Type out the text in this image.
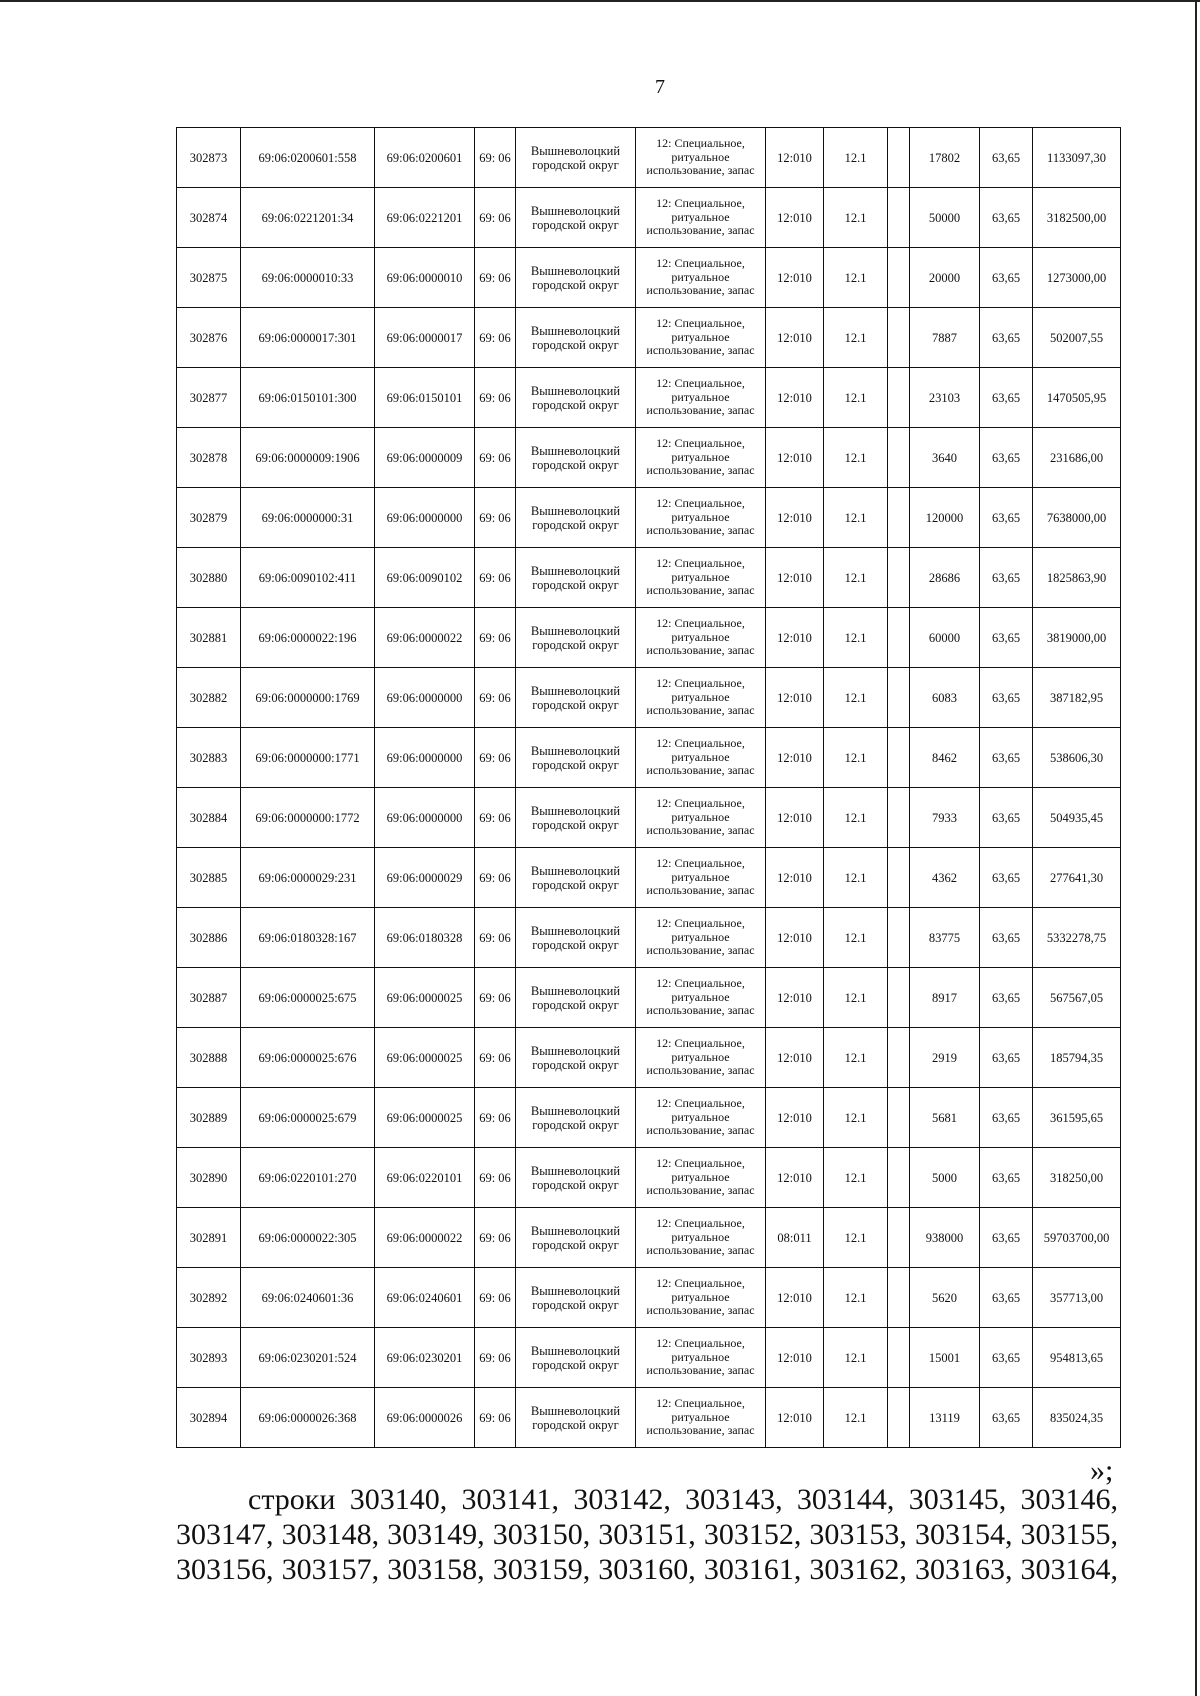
7
302873	69:06:0200601:558	69:06:0200601	69: 06	Вышневолоцкий городской округ	12: Специальное, ритуальное использование, запас	12:010	12.1		17802	63,65	1133097,30
302874	69:06:0221201:34	69:06:0221201	69: 06	Вышневолоцкий городской округ	12: Специальное, ритуальное использование, запас	12:010	12.1		50000	63,65	3182500,00
302875	69:06:0000010:33	69:06:0000010	69: 06	Вышневолоцкий городской округ	12: Специальное, ритуальное использование, запас	12:010	12.1		20000	63,65	1273000,00
302876	69:06:0000017:301	69:06:0000017	69: 06	Вышневолоцкий городской округ	12: Специальное, ритуальное использование, запас	12:010	12.1		7887	63,65	502007,55
302877	69:06:0150101:300	69:06:0150101	69: 06	Вышневолоцкий городской округ	12: Специальное, ритуальное использование, запас	12:010	12.1		23103	63,65	1470505,95
302878	69:06:0000009:1906	69:06:0000009	69: 06	Вышневолоцкий городской округ	12: Специальное, ритуальное использование, запас	12:010	12.1		3640	63,65	231686,00
302879	69:06:0000000:31	69:06:0000000	69: 06	Вышневолоцкий городской округ	12: Специальное, ритуальное использование, запас	12:010	12.1		120000	63,65	7638000,00
302880	69:06:0090102:411	69:06:0090102	69: 06	Вышневолоцкий городской округ	12: Специальное, ритуальное использование, запас	12:010	12.1		28686	63,65	1825863,90
302881	69:06:0000022:196	69:06:0000022	69: 06	Вышневолоцкий городской округ	12: Специальное, ритуальное использование, запас	12:010	12.1		60000	63,65	3819000,00
302882	69:06:0000000:1769	69:06:0000000	69: 06	Вышневолоцкий городской округ	12: Специальное, ритуальное использование, запас	12:010	12.1		6083	63,65	387182,95
302883	69:06:0000000:1771	69:06:0000000	69: 06	Вышневолоцкий городской округ	12: Специальное, ритуальное использование, запас	12:010	12.1		8462	63,65	538606,30
302884	69:06:0000000:1772	69:06:0000000	69: 06	Вышневолоцкий городской округ	12: Специальное, ритуальное использование, запас	12:010	12.1		7933	63,65	504935,45
302885	69:06:0000029:231	69:06:0000029	69: 06	Вышневолоцкий городской округ	12: Специальное, ритуальное использование, запас	12:010	12.1		4362	63,65	277641,30
302886	69:06:0180328:167	69:06:0180328	69: 06	Вышневолоцкий городской округ	12: Специальное, ритуальное использование, запас	12:010	12.1		83775	63,65	5332278,75
302887	69:06:0000025:675	69:06:0000025	69: 06	Вышневолоцкий городской округ	12: Специальное, ритуальное использование, запас	12:010	12.1		8917	63,65	567567,05
302888	69:06:0000025:676	69:06:0000025	69: 06	Вышневолоцкий городской округ	12: Специальное, ритуальное использование, запас	12:010	12.1		2919	63,65	185794,35
302889	69:06:0000025:679	69:06:0000025	69: 06	Вышневолоцкий городской округ	12: Специальное, ритуальное использование, запас	12:010	12.1		5681	63,65	361595,65
302890	69:06:0220101:270	69:06:0220101	69: 06	Вышневолоцкий городской округ	12: Специальное, ритуальное использование, запас	12:010	12.1		5000	63,65	318250,00
302891	69:06:0000022:305	69:06:0000022	69: 06	Вышневолоцкий городской округ	12: Специальное, ритуальное использование, запас	08:011	12.1		938000	63,65	59703700,00
302892	69:06:0240601:36	69:06:0240601	69: 06	Вышневолоцкий городской округ	12: Специальное, ритуальное использование, запас	12:010	12.1		5620	63,65	357713,00
302893	69:06:0230201:524	69:06:0230201	69: 06	Вышневолоцкий городской округ	12: Специальное, ритуальное использование, запас	12:010	12.1		15001	63,65	954813,65
302894	69:06:0000026:368	69:06:0000026	69: 06	Вышневолоцкий городской округ	12: Специальное, ритуальное использование, запас	12:010	12.1		13119	63,65	835024,35
»;
строки 303140, 303141, 303142, 303143, 303144, 303145, 303146,
303147, 303148, 303149, 303150, 303151, 303152, 303153, 303154, 303155,
303156, 303157, 303158, 303159, 303160, 303161, 303162, 303163, 303164,
